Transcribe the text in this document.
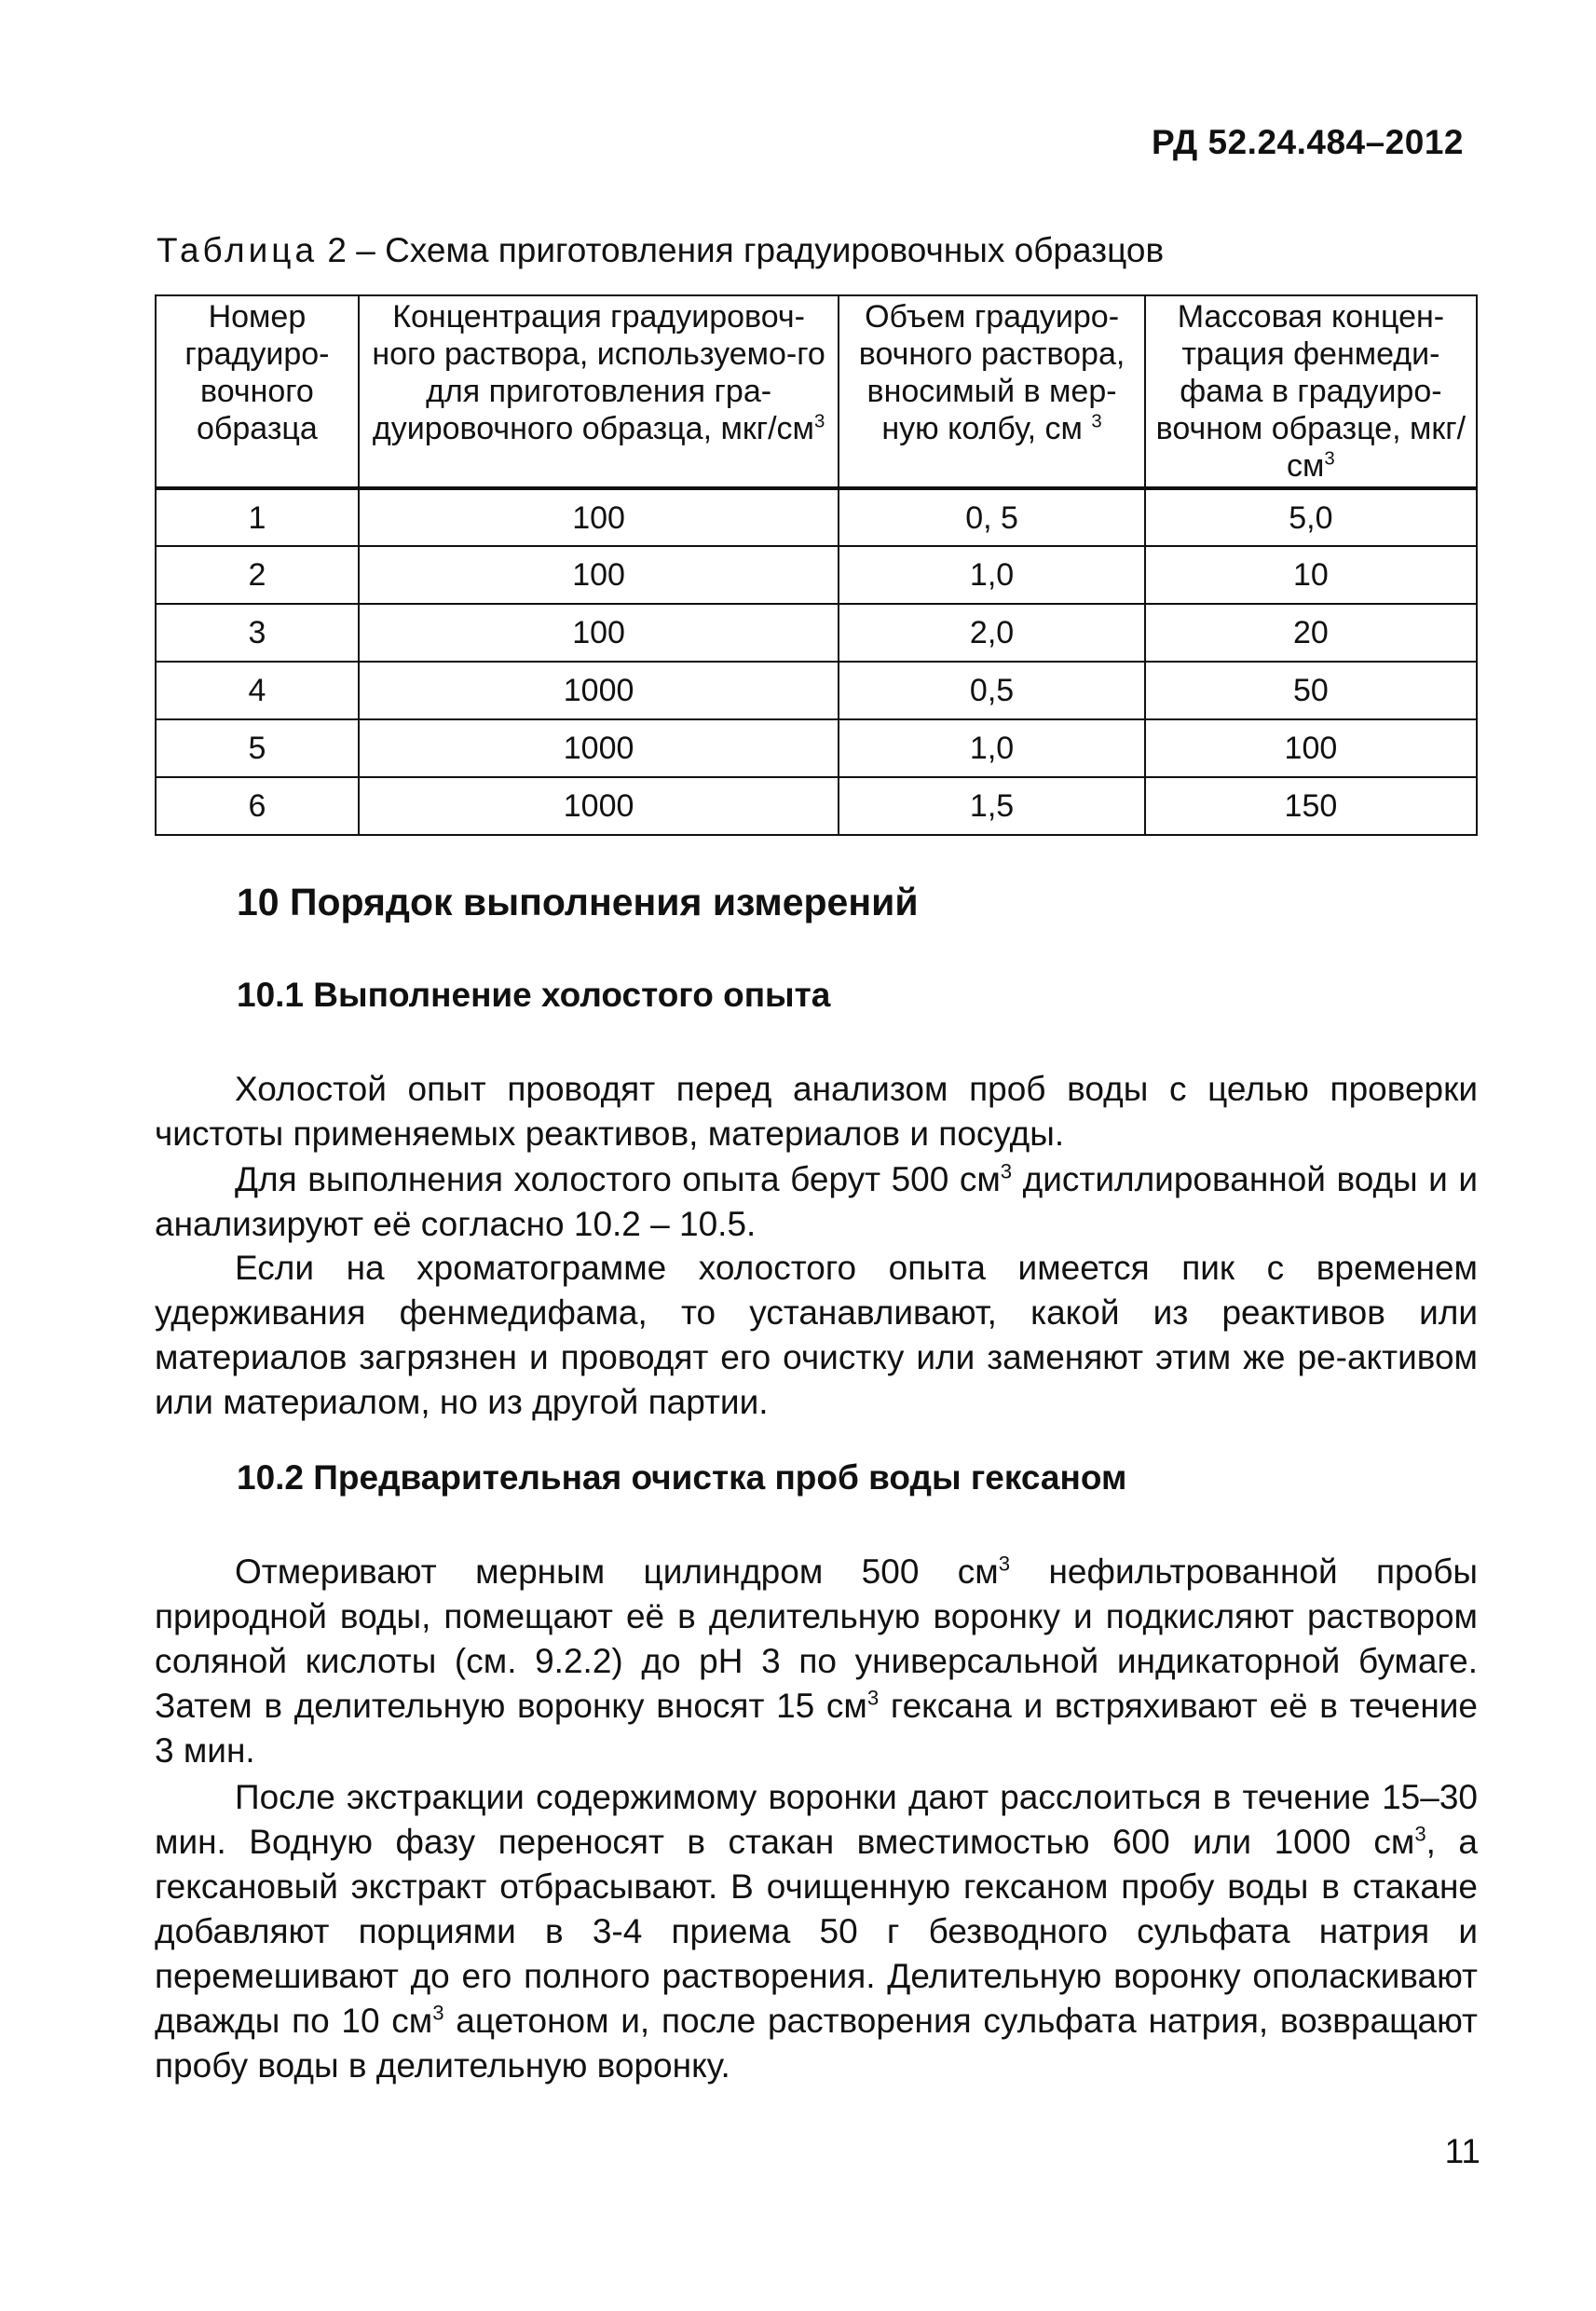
РД 52.24.484–2012
Таблица 2 – Схема приготовления градуировочных образцов
Номер градуиро-вочного образца	Концентрация градуировоч-ного раствора, используемо-го для приготовления гра-дуировочного образца, мкг/$см^3$	Объем градуиро-вочного раствора, вносимый в мер-ную колбу, см $^3$	Массовая концен-трация фенмеди-фама в градуиро-вочном образце, мкг/$см^3$
1	100	0, 5	5,0
2	100	1,0	10
3	100	2,0	20
4	1000	0,5	50
5	1000	1,0	100
6	1000	1,5	150
10 Порядок выполнения измерений
10.1 Выполнение холостого опыта

Холостой опыт проводят перед анализом проб воды с целью проверки чистоты применяемых реактивов, материалов и посуды.

Для выполнения холостого опыта берут 500 $см^3$ дистиллированной воды и и анализируют её согласно 10.2 – 10.5.

Если на хроматограмме холостого опыта имеется пик с временем удерживания фенмедифама, то устанавливают, какой из реактивов или материалов загрязнен и проводят его очистку или заменяют этим же ре-активом или материалом, но из другой партии.

10.2 Предварительная очистка проб воды гексаном

Отмеривают мерным цилиндром 500 $см^3$ нефильтрованной пробы природной воды, помещают её в делительную воронку и подкисляют раствором соляной кислоты (см. 9.2.2) до рН 3 по универсальной индикаторной бумаге. Затем в делительную воронку вносят 15 $см^3$ гексана и встряхивают её в течение 3 мин.

После экстракции содержимому воронки дают расслоиться в течение 15–30 мин. Водную фазу переносят в стакан вместимостью 600 или 1000 $см^3$, а гексановый экстракт отбрасывают. В очищенную гексаном пробу воды в стакане добавляют порциями в 3-4 приема 50 г безводного сульфата натрия и перемешивают до его полного растворения. Делительную воронку ополаскивают дважды по 10 $см^3$ ацетоном и, после растворения сульфата натрия, возвращают пробу воды в делительную воронку.

11
